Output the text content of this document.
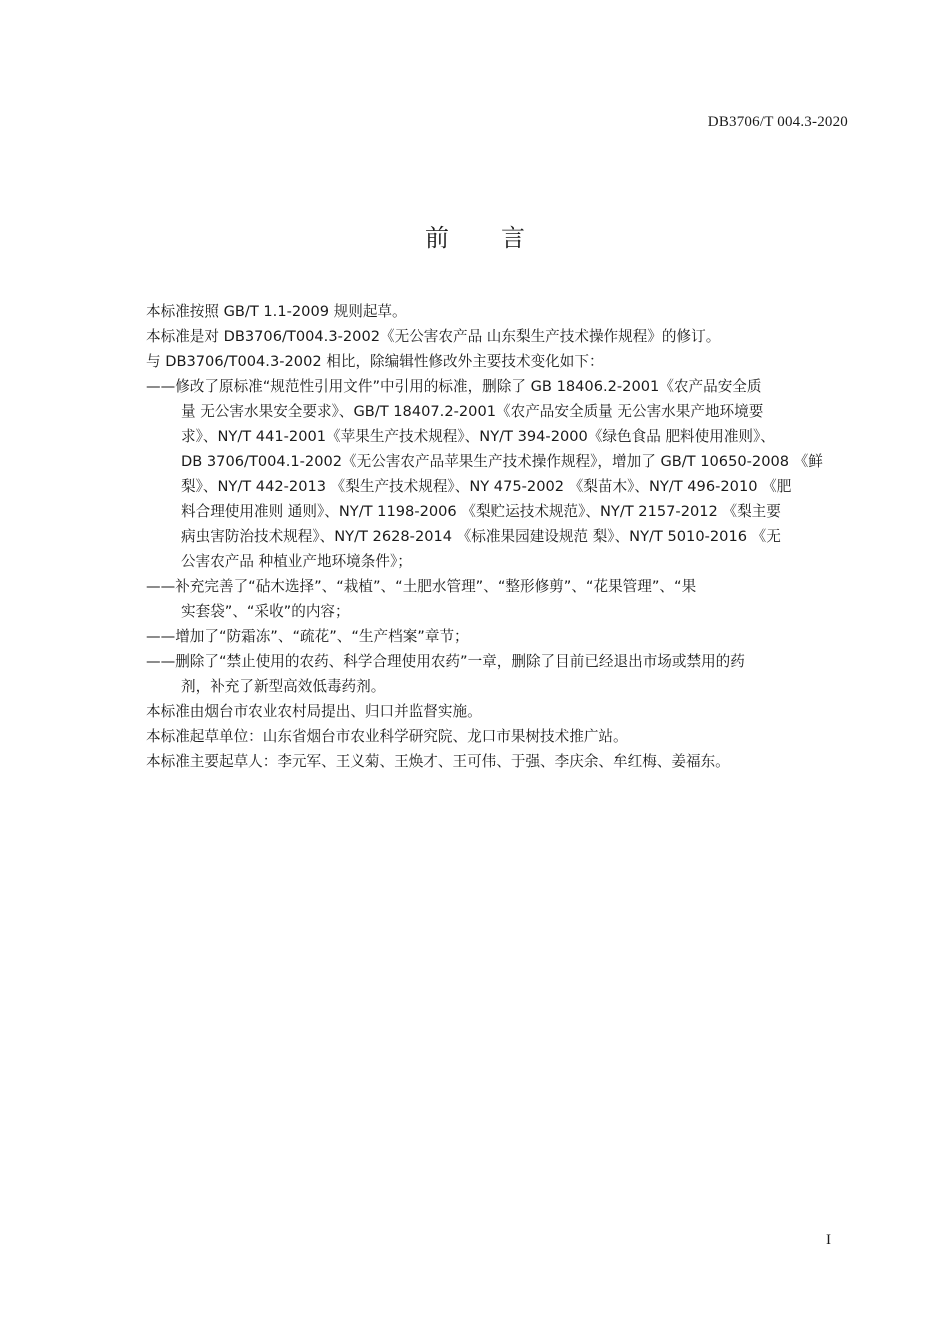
DB3706/T 004.3-2020
前 言

本标准按照 GB/T 1.1-2009 规则起草。

本标准是对 DB3706/T004.3-2002《无公害农产品 山东梨生产技术操作规程》的修订。

与 DB3706/T004.3-2002 相比，除编辑性修改外主要技术变化如下：

——修改了原标准“规范性引用文件”中引用的标准，删除了 GB 18406.2-2001《农产品安全质

量 无公害水果安全要求》、GB/T 18407.2-2001《农产品安全质量 无公害水果产地环境要

求》、NY/T 441-2001《苹果生产技术规程》、NY/T 394-2000《绿色食品 肥料使用准则》、

DB 3706/T004.1-2002《无公害农产品苹果生产技术操作规程》，增加了 GB/T 10650-2008 《鲜

梨》、NY/T 442-2013 《梨生产技术规程》、NY 475-2002 《梨苗木》、NY/T 496-2010 《肥

料合理使用准则 通则》、NY/T 1198-2006 《梨贮运技术规范》、NY/T 2157-2012 《梨主要

病虫害防治技术规程》、NY/T 2628-2014 《标准果园建设规范 梨》、NY/T 5010-2016 《无

公害农产品 种植业产地环境条件》；

——补充完善了“砧木选择”、“栽植”、“土肥水管理”、“整形修剪”、“花果管理”、“果

实套袋”、“采收”的内容；

——增加了“防霜冻”、“疏花”、“生产档案”章节；

——删除了“禁止使用的农药、科学合理使用农药”一章，删除了目前已经退出市场或禁用的药

剂，补充了新型高效低毒药剂。

本标准由烟台市农业农村局提出、归口并监督实施。

本标准起草单位：山东省烟台市农业科学研究院、龙口市果树技术推广站。

本标准主要起草人：李元军、王义菊、王焕才、王可伟、于强、李庆余、牟红梅、姜福东。

I
